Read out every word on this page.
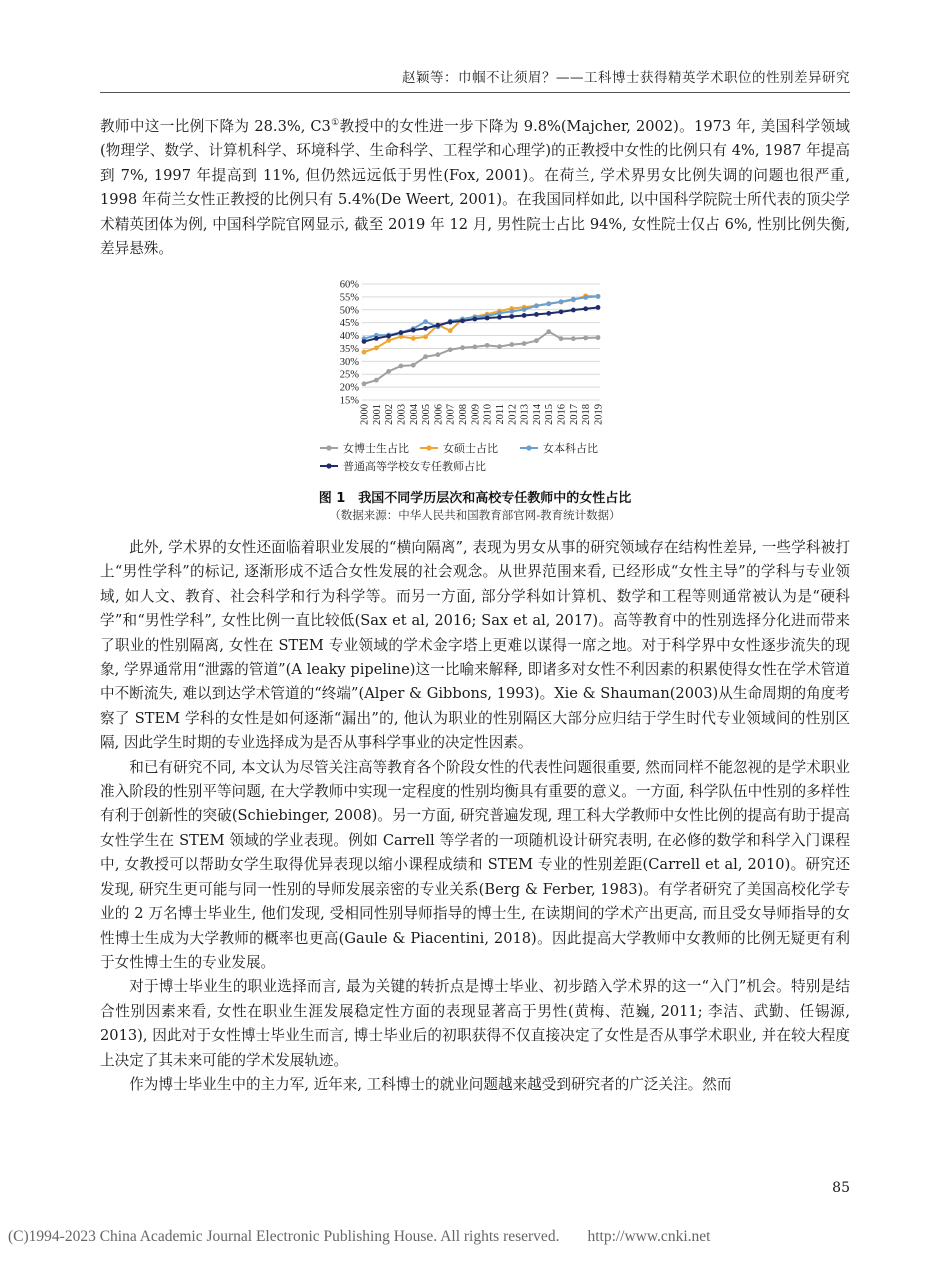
赵颖等：巾帼不让须眉？——工科博士获得精英学术职位的性别差异研究

教师中这一比例下降为 28.3%, C3①教授中的女性进一步下降为 9.8%(Majcher, 2002)。1973 年, 美国科学领域(物理学、数学、计算机科学、环境科学、生命科学、工程学和心理学)的正教授中女性的比例只有 4%, 1987 年提高到 7%, 1997 年提高到 11%, 但仍然远远低于男性(Fox, 2001)。在荷兰, 学术界男女比例失调的问题也很严重, 1998 年荷兰女性正教授的比例只有 5.4%(De Weert, 2001)。在我国同样如此, 以中国科学院院士所代表的顶尖学术精英团体为例, 中国科学院官网显示, 截至 2019 年 12 月, 男性院士占比 94%, 女性院士仅占 6%, 性别比例失衡, 差异悬殊。

15%
20%
25%
30%
35%
40%
45%
50%
55%
60%
2000 2001 2002 2003 2004 2005 2006 2007 2008 2009 2010 2011 2012 2013 2014 2015 2016 2017 2018 2019
女博士生占比	女硕士占比	女本科占比
普通高等学校女专任教师占比
图 1　我国不同学历层次和高校专任教师中的女性占比
（数据来源：中华人民共和国教育部官网-教育统计数据）

此外, 学术界的女性还面临着职业发展的“横向隔离”, 表现为男女从事的研究领域存在结构性差异, 一些学科被打上“男性学科”的标记, 逐渐形成不适合女性发展的社会观念。从世界范围来看, 已经形成“女性主导”的学科与专业领域, 如人文、教育、社会科学和行为科学等。而另一方面, 部分学科如计算机、数学和工程等则通常被认为是“硬科学”和“男性学科”, 女性比例一直比较低(Sax et al, 2016; Sax et al, 2017)。高等教育中的性别选择分化进而带来了职业的性别隔离, 女性在 STEM 专业领域的学术金字塔上更难以谋得一席之地。对于科学界中女性逐步流失的现象, 学界通常用“泄露的管道”(A leaky pipeline)这一比喻来解释, 即诸多对女性不利因素的积累使得女性在学术管道中不断流失, 难以到达学术管道的“终端”(Alper & Gibbons, 1993)。Xie & Shauman(2003)从生命周期的角度考察了 STEM 学科的女性是如何逐渐“漏出”的, 他认为职业的性别隔区大部分应归结于学生时代专业领域间的性别区隔, 因此学生时期的专业选择成为是否从事科学事业的决定性因素。

和已有研究不同, 本文认为尽管关注高等教育各个阶段女性的代表性问题很重要, 然而同样不能忽视的是学术职业准入阶段的性别平等问题, 在大学教师中实现一定程度的性别均衡具有重要的意义。一方面, 科学队伍中性别的多样性有利于创新性的突破(Schiebinger, 2008)。另一方面, 研究普遍发现, 理工科大学教师中女性比例的提高有助于提高女性学生在 STEM 领域的学业表现。例如 Carrell 等学者的一项随机设计研究表明, 在必修的数学和科学入门课程中, 女教授可以帮助女学生取得优异表现以缩小课程成绩和 STEM 专业的性别差距(Carrell et al, 2010)。研究还发现, 研究生更可能与同一性别的导师发展亲密的专业关系(Berg & Ferber, 1983)。有学者研究了美国高校化学专业的 2 万名博士毕业生, 他们发现, 受相同性别导师指导的博士生, 在读期间的学术产出更高, 而且受女导师指导的女性博士生成为大学教师的概率也更高(Gaule & Piacentini, 2018)。因此提高大学教师中女教师的比例无疑更有利于女性博士生的专业发展。

对于博士毕业生的职业选择而言, 最为关键的转折点是博士毕业、初步踏入学术界的这一“入门”机会。特别是结合性别因素来看, 女性在职业生涯发展稳定性方面的表现显著高于男性(黄梅、范巍, 2011; 李洁、武勤、任锡源, 2013), 因此对于女性博士毕业生而言, 博士毕业后的初职获得不仅直接决定了女性是否从事学术职业, 并在较大程度上决定了其未来可能的学术发展轨迹。

作为博士毕业生中的主力军, 近年来, 工科博士的就业问题越来越受到研究者的广泛关注。然而

85
(C)1994-2023 China Academic Journal Electronic Publishing House. All rights reserved. http://www.cnki.net
